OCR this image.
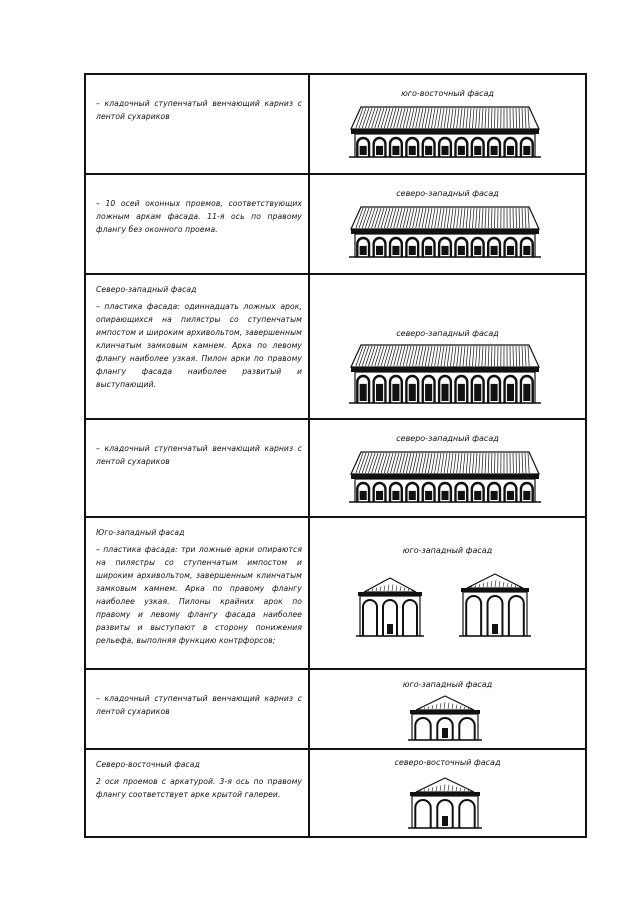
– кладочный ступенчатый венчающий карниз с лентой сухариков

юго-восточный фасад

– 10 осей оконных проемов, соответствующих ложным аркам фасада. 11-я ось по правому флангу без оконного проема.

северо-западный фасад

Северо-западный фасад

– пластика фасада: одиннадцать ложных арок, опирающихся на пилястры со ступенчатым импостом и широким архивольтом, завершенным клинчатым замковым камнем. Арка по левому флангу наиболее узкая. Пилон арки по правому флангу фасада наиболее развитый и выступающий.

северо-западный фасад

– кладочный ступенчатый венчающий карниз с лентой сухариков

северо-западный фасад

Юго-западный фасад

– пластика фасада: три ложные арки опираются на пилястры со ступенчатым импостом и широким архивольтом, завершенным клинчатым замковым камнем. Арка по правому флангу наиболее узкая. Пилоны крайних арок по правому и левому флангу фасада наиболее развиты и выступают в сторону понижения рельефа, выполняя функцию контрфорсов;

юго-западный фасад

– кладочный ступенчатый венчающий карниз с лентой сухариков

юго-западный фасад

Северо-восточный фасад

2 оси проемов с аркатурой. 3-я ось по правому флангу соответствует арке крытой галереи.

северо-восточный фасад
